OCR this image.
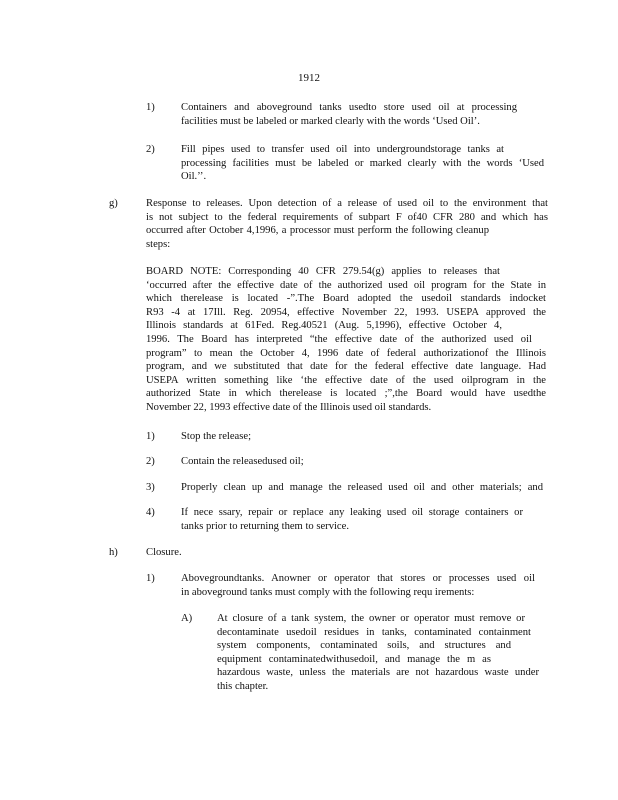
1912
1) Containers and aboveground tanks usedto store used oil at processing
facilities must be labeled or marked clearly with the words ‘Used Oil’.
2) Fill pipes used to transfer used oil into undergroundstorage tanks at
processing facilities must be labeled or marked clearly with the words ‘Used
Oil.’’.
g)	Response to releases. Upon detection of a release of used oil to the environment that
is not subject to the federal requirements of subpart F of40 CFR 280 and which has
occurred after October 4,1996, a processor must perform the following cleanup
steps:
BOARD NOTE: Corresponding 40 CFR 279.54(g) applies to releases that
‘occurred after the effective date of the authorized used oil program for the State in
which therelease is located -”.The Board adopted the usedoil standards indocket
R93 -4 at 17Ill. Reg. 20954, effective November 22, 1993. USEPA approved the
Illinois standards at 61Fed. Reg.40521 (Aug. 5,1996), effective October 4,
1996. The Board has interpreted “the effective date of the authorized used oil
program” to mean the October 4, 1996 date of federal authorizationof the Illinois
program, and we substituted that date for the federal effective date language. Had
USEPA written something like ‘the effective date of the used oilprogram in the
authorized State in which therelease is located ;”,the Board would have usedthe
November 22, 1993 effective date of the Illinois used oil standards.
1) Stop the release;
2) Contain the releasedused oil;
3) Properly clean up and manage the released used oil and other materials; and
4) If nece ssary, repair or replace any leaking used oil storage containers or
tanks prior to returning them to service.
h)	Closure.
1) Abovegroundtanks. Anowner or operator that stores or processes used oil
in aboveground tanks must comply with the following requ irements:
A) At closure of a tank system, the owner or operator must remove or
decontaminate usedoil residues in tanks, contaminated containment
system components, contaminated soils, and structures and
equipment contaminatedwithusedoil, and manage the m as
hazardous waste, unless the materials are not hazardous waste under
this chapter.
